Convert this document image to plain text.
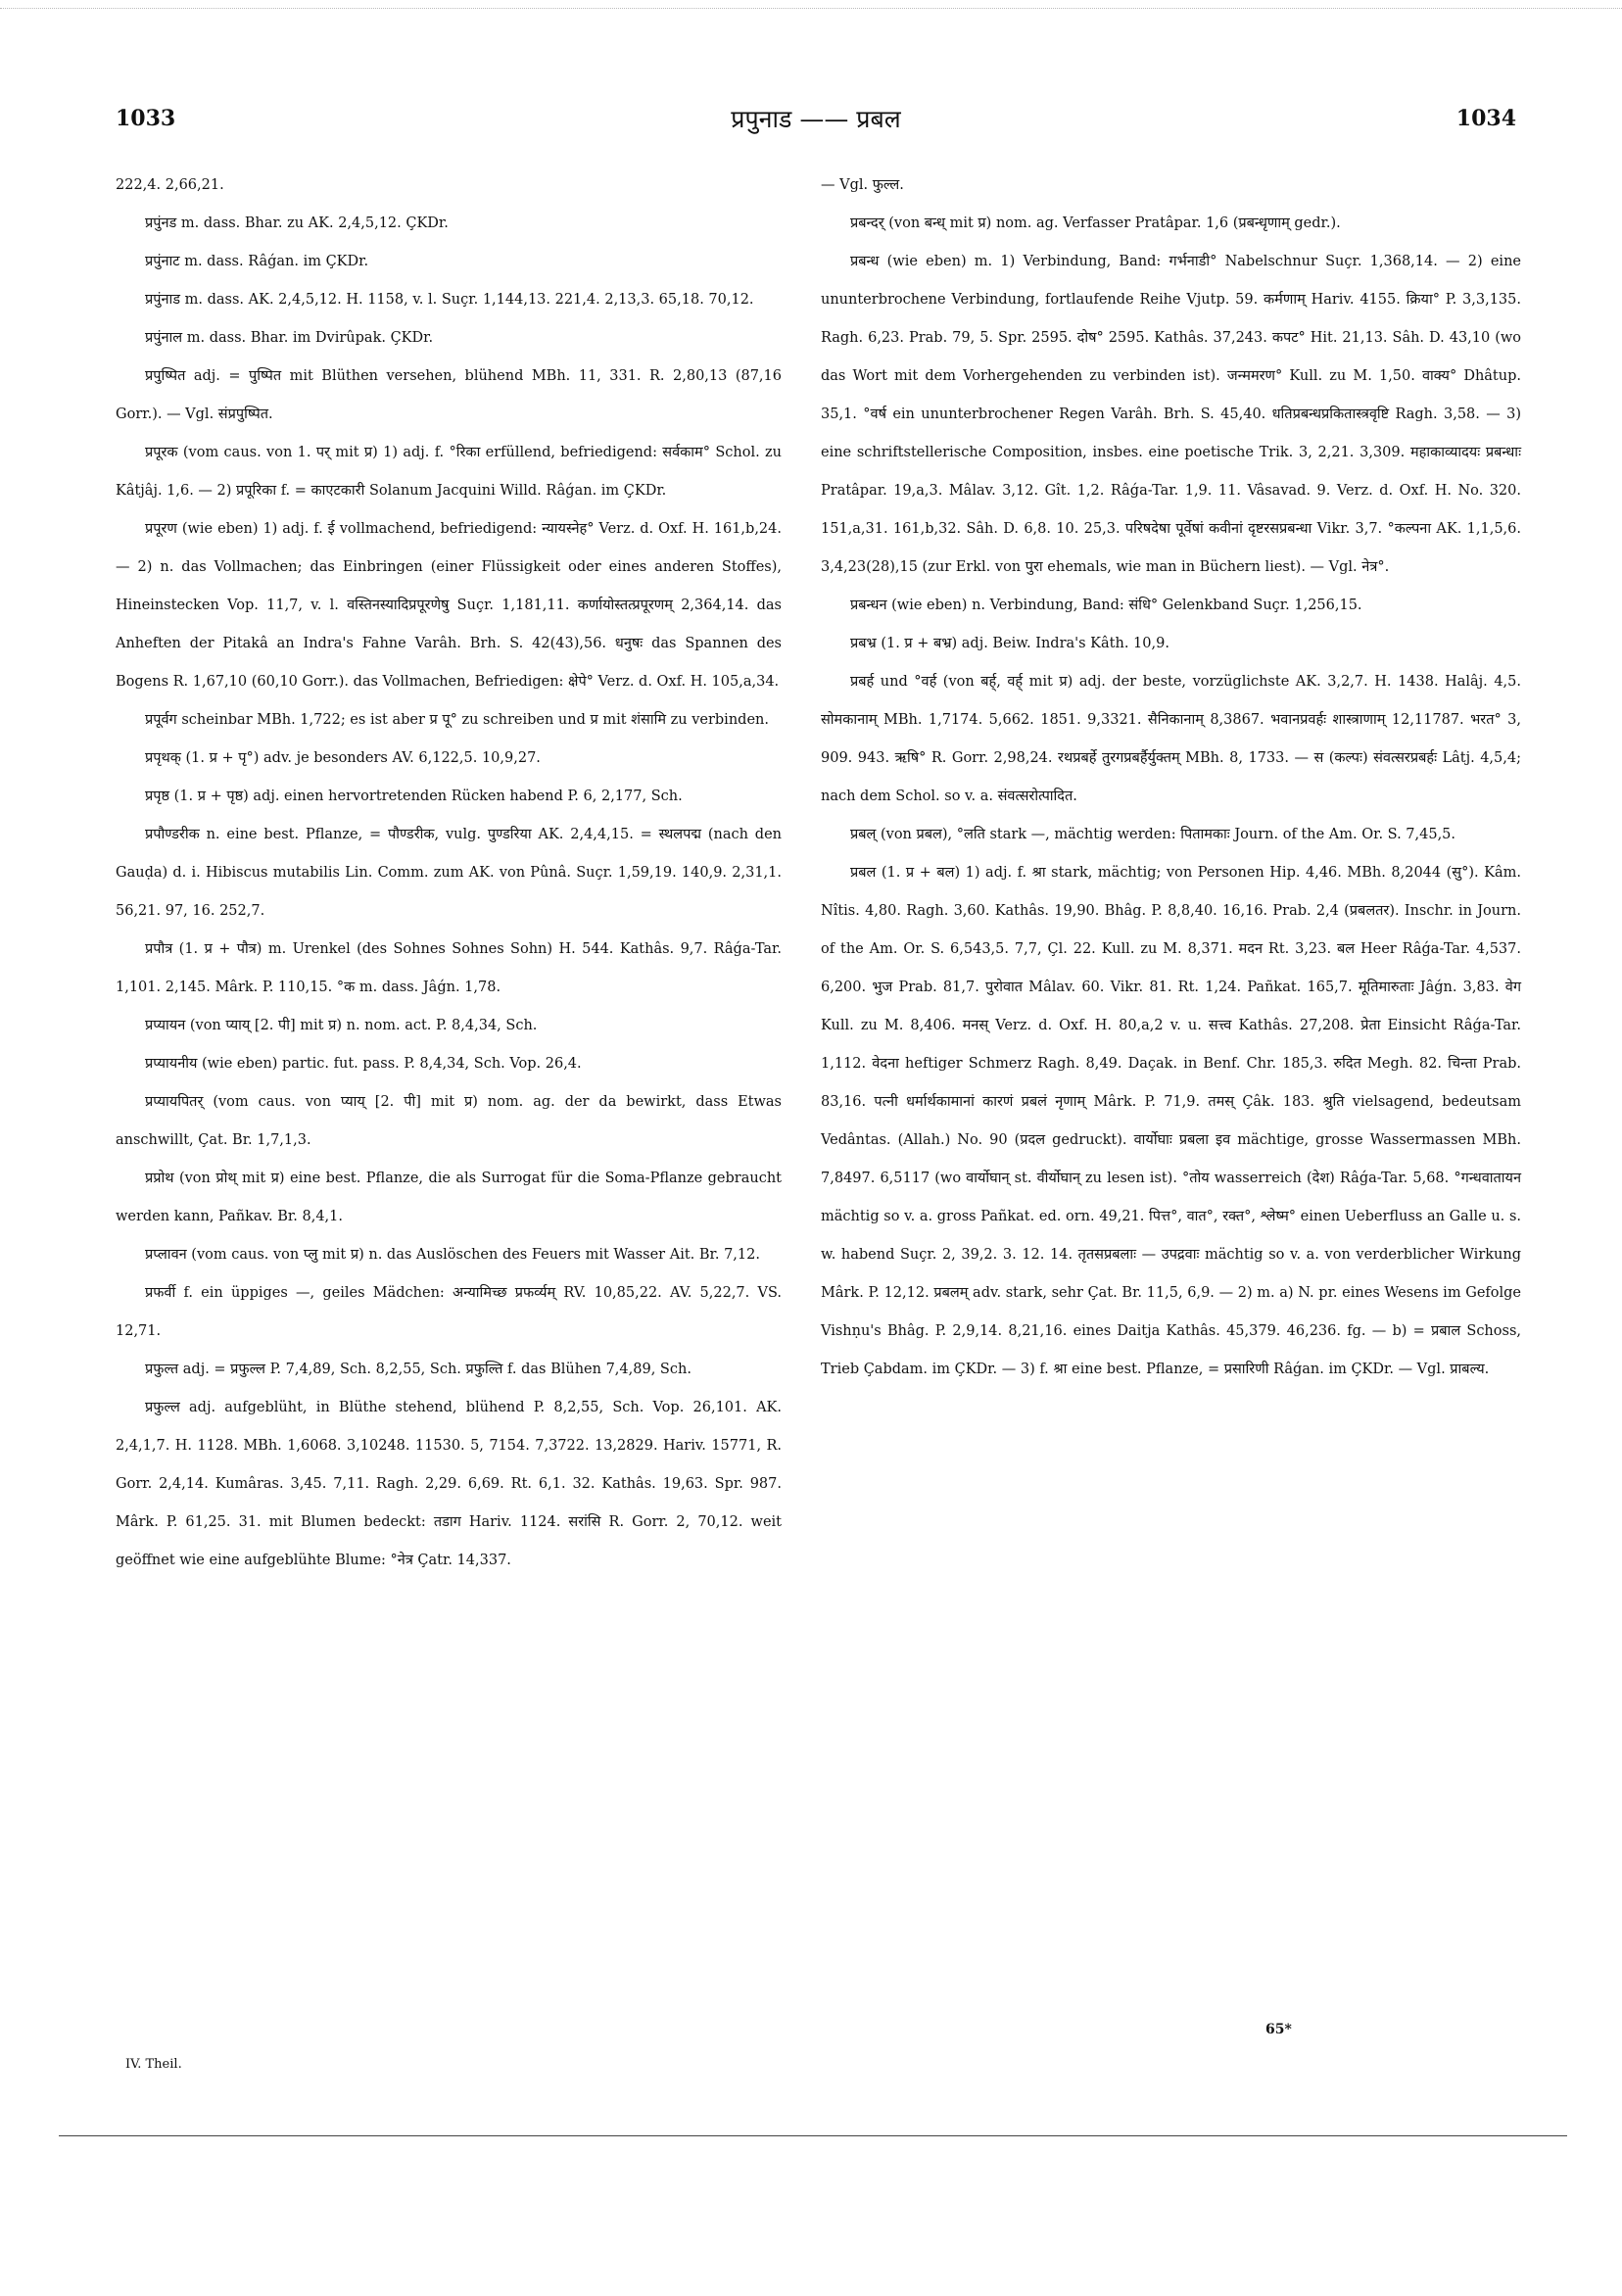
1033	प्रपुनाड —— प्रबल	1034

222,4. 2,66,21.

प्रपुंनड m. dass. Bhar. zu AK. 2,4,5,12. ÇKDr.

प्रपुंनाट m. dass. Râǵan. im ÇKDr.

प्रपुंनाड m. dass. AK. 2,4,5,12. H. 1158, v. l. Suçr. 1,144,13. 221,4. 2,13,3. 65,18. 70,12.

प्रपुंनाल m. dass. Bhar. im Dvirûpak. ÇKDr.

प्रपुष्पित adj. = पुष्पित mit Blüthen versehen, blühend MBh. 11, 331. R. 2,80,13 (87,16 Gorr.). — Vgl. संप्रपुष्पित.

प्रपूरक (vom caus. von 1. पर् mit प्र) 1) adj. f. °रिका erfüllend, befriedigend: सर्वकाम° Schol. zu Kâtjâj. 1,6. — 2) प्रपूरिका f. = काएटकारी Solanum Jacquini Willd. Râǵan. im ÇKDr.

प्रपूरण (wie eben) 1) adj. f. ई vollmachend, befriedigend: न्यायस्नेह° Verz. d. Oxf. H. 161,b,24. — 2) n. das Vollmachen; das Einbringen (einer Flüssigkeit oder eines anderen Stoffes), Hineinstecken Vop. 11,7, v. l. वस्तिनस्यादिप्रपूरणेषु Suçr. 1,181,11. कर्णायोस्तत्प्रपूरणम् 2,364,14. das Anheften der Pitakâ an Indra's Fahne Varâh. Brh. S. 42(43),56. धनुषः das Spannen des Bogens R. 1,67,10 (60,10 Gorr.). das Vollmachen, Befriedigen: क्षेपे° Verz. d. Oxf. H. 105,a,34.

प्रपूर्वग scheinbar MBh. 1,722; es ist aber प्र पू° zu schreiben und प्र mit शंसामि zu verbinden.

प्रपृथक् (1. प्र + पृ°) adv. je besonders AV. 6,122,5. 10,9,27.

प्रपृष्ठ (1. प्र + पृष्ठ) adj. einen hervortretenden Rücken habend P. 6, 2,177, Sch.

प्रपौण्डरीक n. eine best. Pflanze, = पौण्डरीक, vulg. पुण्डरिया AK. 2,4,4,15. = स्थलपद्म (nach den Gauḍa) d. i. Hibiscus mutabilis Lin. Comm. zum AK. von Pûnâ. Suçr. 1,59,19. 140,9. 2,31,1. 56,21. 97, 16. 252,7.

प्रपौत्र (1. प्र + पौत्र) m. Urenkel (des Sohnes Sohnes Sohn) H. 544. Kathâs. 9,7. Râǵa-Tar. 1,101. 2,145. Mârk. P. 110,15. °क m. dass. Jâǵn. 1,78.

प्रप्यायन (von प्याय् [2. पी] mit प्र) n. nom. act. P. 8,4,34, Sch.

प्रप्यायनीय (wie eben) partic. fut. pass. P. 8,4,34, Sch. Vop. 26,4.

प्रप्यायपितर् (vom caus. von प्याय् [2. पी] mit प्र) nom. ag. der da bewirkt, dass Etwas anschwillt, Çat. Br. 1,7,1,3.

प्रप्रोथ (von प्रोथ् mit प्र) eine best. Pflanze, die als Surrogat für die Soma-Pflanze gebraucht werden kann, Pañkav. Br. 8,4,1.

प्रप्लावन (vom caus. von प्लु mit प्र) n. das Auslöschen des Feuers mit Wasser Ait. Br. 7,12.

प्रफर्वी f. ein üppiges —, geiles Mädchen: अन्यामिच्छ प्रफर्व्यम् RV. 10,85,22. AV. 5,22,7. VS. 12,71.

प्रफुल्त adj. = प्रफुल्ल P. 7,4,89, Sch. 8,2,55, Sch. प्रफुल्ति f. das Blühen 7,4,89, Sch.

प्रफुल्ल adj. aufgeblüht, in Blüthe stehend, blühend P. 8,2,55, Sch. Vop. 26,101. AK. 2,4,1,7. H. 1128. MBh. 1,6068. 3,10248. 11530. 5, 7154. 7,3722. 13,2829. Hariv. 15771, R. Gorr. 2,4,14. Kumâras. 3,45. 7,11. Ragh. 2,29. 6,69. Rt. 6,1. 32. Kathâs. 19,63. Spr. 987. Mârk. P. 61,25. 31. mit Blumen bedeckt: तडाग Hariv. 1124. सरांसि R. Gorr. 2, 70,12. weit geöffnet wie eine aufgeblühte Blume: °नेत्र Çatr. 14,337.

— Vgl. फुल्ल.

प्रबन्दर् (von बन्ध् mit प्र) nom. ag. Verfasser Pratâpar. 1,6 (प्रबन्धृणाम् gedr.).

प्रबन्ध (wie eben) m. 1) Verbindung, Band: गर्भनाडी° Nabelschnur Suçr. 1,368,14. — 2) eine ununterbrochene Verbindung, fortlaufende Reihe Vjutp. 59. कर्मणाम् Hariv. 4155. क्रिया° P. 3,3,135. Ragh. 6,23. Prab. 79, 5. Spr. 2595. दोष° 2595. Kathâs. 37,243. कपट° Hit. 21,13. Sâh. D. 43,10 (wo das Wort mit dem Vorhergehenden zu verbinden ist). जन्ममरण° Kull. zu M. 1,50. वाक्य° Dhâtup. 35,1. °वर्ष ein ununterbrochener Regen Varâh. Brh. S. 45,40. धतिप्रबन्धप्रकितास्त्रवृष्टि Ragh. 3,58. — 3) eine schriftstellerische Composition, insbes. eine poetische Trik. 3, 2,21. 3,309. महाकाव्यादयः प्रबन्धाः Pratâpar. 19,a,3. Mâlav. 3,12. Gît. 1,2. Râǵa-Tar. 1,9. 11. Vâsavad. 9. Verz. d. Oxf. H. No. 320. 151,a,31. 161,b,32. Sâh. D. 6,8. 10. 25,3. परिषदेषा पूर्वेषां कवीनां दृष्टरसप्रबन्धा Vikr. 3,7. °कल्पना AK. 1,1,5,6. 3,4,23(28),15 (zur Erkl. von पुरा ehemals, wie man in Büchern liest). — Vgl. नेत्र°.

प्रबन्धन (wie eben) n. Verbindung, Band: संधि° Gelenkband Suçr. 1,256,15.

प्रबभ्र (1. प्र + बभ्र) adj. Beiw. Indra's Kâth. 10,9.

प्रबर्ह und °वर्ह (von बर्ह्, वर्ह् mit प्र) adj. der beste, vorzüglichste AK. 3,2,7. H. 1438. Halâj. 4,5. सोमकानाम् MBh. 1,7174. 5,662. 1851. 9,3321. सैनिकानाम् 8,3867. भवानप्रवर्हः शास्त्राणाम् 12,11787. भरत° 3, 909. 943. ऋषि° R. Gorr. 2,98,24. रथप्रबर्हे तुरगप्रबर्हैर्युक्तम् MBh. 8, 1733. — स (कल्पः) संवत्सरप्रबर्हः Lâtj. 4,5,4; nach dem Schol. so v. a. संवत्सरोत्पादित.

प्रबल् (von प्रबल), °लति stark —, mächtig werden: पितामकाः Journ. of the Am. Or. S. 7,45,5.

प्रबल (1. प्र + बल) 1) adj. f. श्रा stark, mächtig; von Personen Hip. 4,46. MBh. 8,2044 (सु°). Kâm. Nîtis. 4,80. Ragh. 3,60. Kathâs. 19,90. Bhâg. P. 8,8,40. 16,16. Prab. 2,4 (प्रबलतर). Inschr. in Journ. of the Am. Or. S. 6,543,5. 7,7, Çl. 22. Kull. zu M. 8,371. मदन Rt. 3,23. बल Heer Râǵa-Tar. 4,537. 6,200. भुज Prab. 81,7. पुरोवात Mâlav. 60. Vikr. 81. Rt. 1,24. Pañkat. 165,7. मूतिमारुताः Jâǵn. 3,83. वेग Kull. zu M. 8,406. मनस् Verz. d. Oxf. H. 80,a,2 v. u. सत्त्व Kathâs. 27,208. प्रेता Einsicht Râǵa-Tar. 1,112. वेदना heftiger Schmerz Ragh. 8,49. Daçak. in Benf. Chr. 185,3. रुदित Megh. 82. चिन्ता Prab. 83,16. पत्नी धर्मार्थकामानां कारणं प्रबलं नृणाम् Mârk. P. 71,9. तमस् Çâk. 183. श्रुति vielsagend, bedeutsam Vedântas. (Allah.) No. 90 (प्रदल gedruckt). वार्योघाः प्रबला इव mächtige, grosse Wassermassen MBh. 7,8497. 6,5117 (wo वार्योघान् st. वीर्योघान् zu lesen ist). °तोय wasserreich (देश) Râǵa-Tar. 5,68. °गन्धवातायन mächtig so v. a. gross Pañkat. ed. orn. 49,21. पित्त°, वात°, रक्त°, श्लेष्म° einen Ueberfluss an Galle u. s. w. habend Suçr. 2, 39,2. 3. 12. 14. तृतसप्रबलाः — उपद्रवाः mächtig so v. a. von verderblicher Wirkung Mârk. P. 12,12. प्रबलम् adv. stark, sehr Çat. Br. 11,5, 6,9. — 2) m. a) N. pr. eines Wesens im Gefolge Vishṇu's Bhâg. P. 2,9,14. 8,21,16. eines Daitja Kathâs. 45,379. 46,236. fg. — b) = प्रबाल Schoss, Trieb Çabdam. im ÇKDr. — 3) f. श्रा eine best. Pflanze, = प्रसारिणी Râǵan. im ÇKDr. — Vgl. प्राबल्य.

IV. Theil.
65*
